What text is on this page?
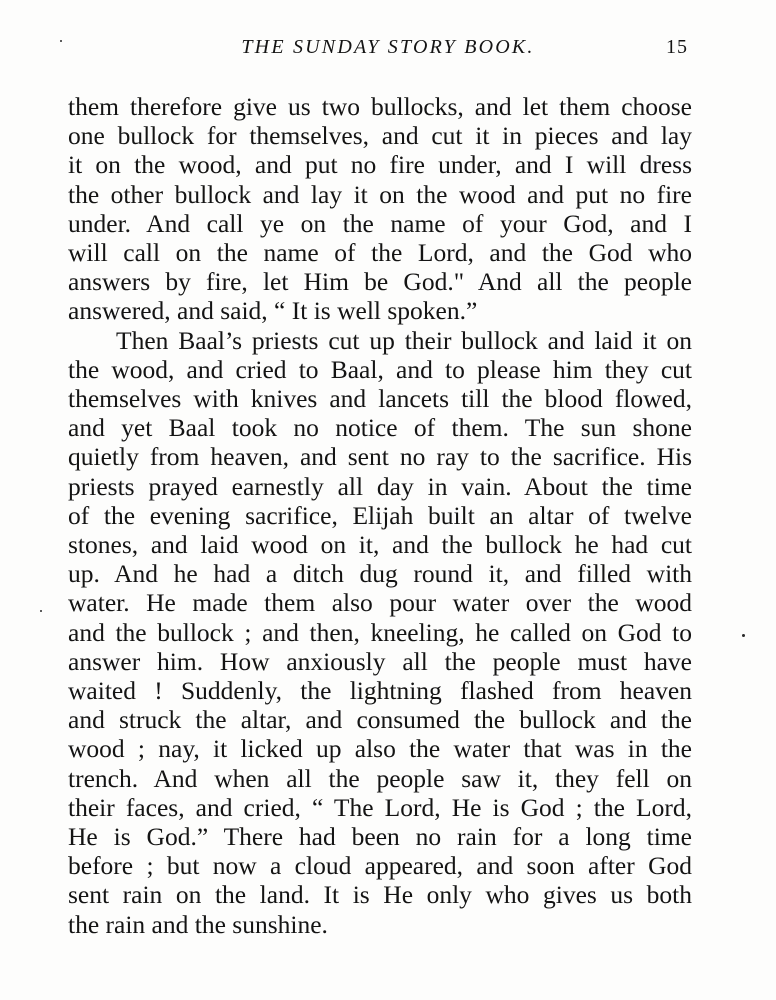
THE SUNDAY STORY BOOK.	15
them therefore give us two bullocks, and let them choose
one bullock for themselves, and cut it in pieces and lay
it on the wood, and put no fire under, and I will dress
the other bullock and lay it on the wood and put no fire
under. And call ye on the name of your God, and I
will call on the name of the Lord, and the God who
answers by fire, let Him be God." And all the people
answered, and said, “ It is well spoken.”
Then Baal’s priests cut up their bullock and laid it on
the wood, and cried to Baal, and to please him they cut
themselves with knives and lancets till the blood flowed,
and yet Baal took no notice of them. The sun shone
quietly from heaven, and sent no ray to the sacrifice. His
priests prayed earnestly all day in vain. About the time
of the evening sacrifice, Elijah built an altar of twelve
stones, and laid wood on it, and the bullock he had cut
up. And he had a ditch dug round it, and filled with
water. He made them also pour water over the wood
and the bullock ; and then, kneeling, he called on God to
answer him. How anxiously all the people must have
waited ! Suddenly, the lightning flashed from heaven
and struck the altar, and consumed the bullock and the
wood ; nay, it licked up also the water that was in the
trench. And when all the people saw it, they fell on
their faces, and cried, “ The Lord, He is God ; the Lord,
He is God.” There had been no rain for a long time
before ; but now a cloud appeared, and soon after God
sent rain on the land. It is He only who gives us both
the rain and the sunshine.
